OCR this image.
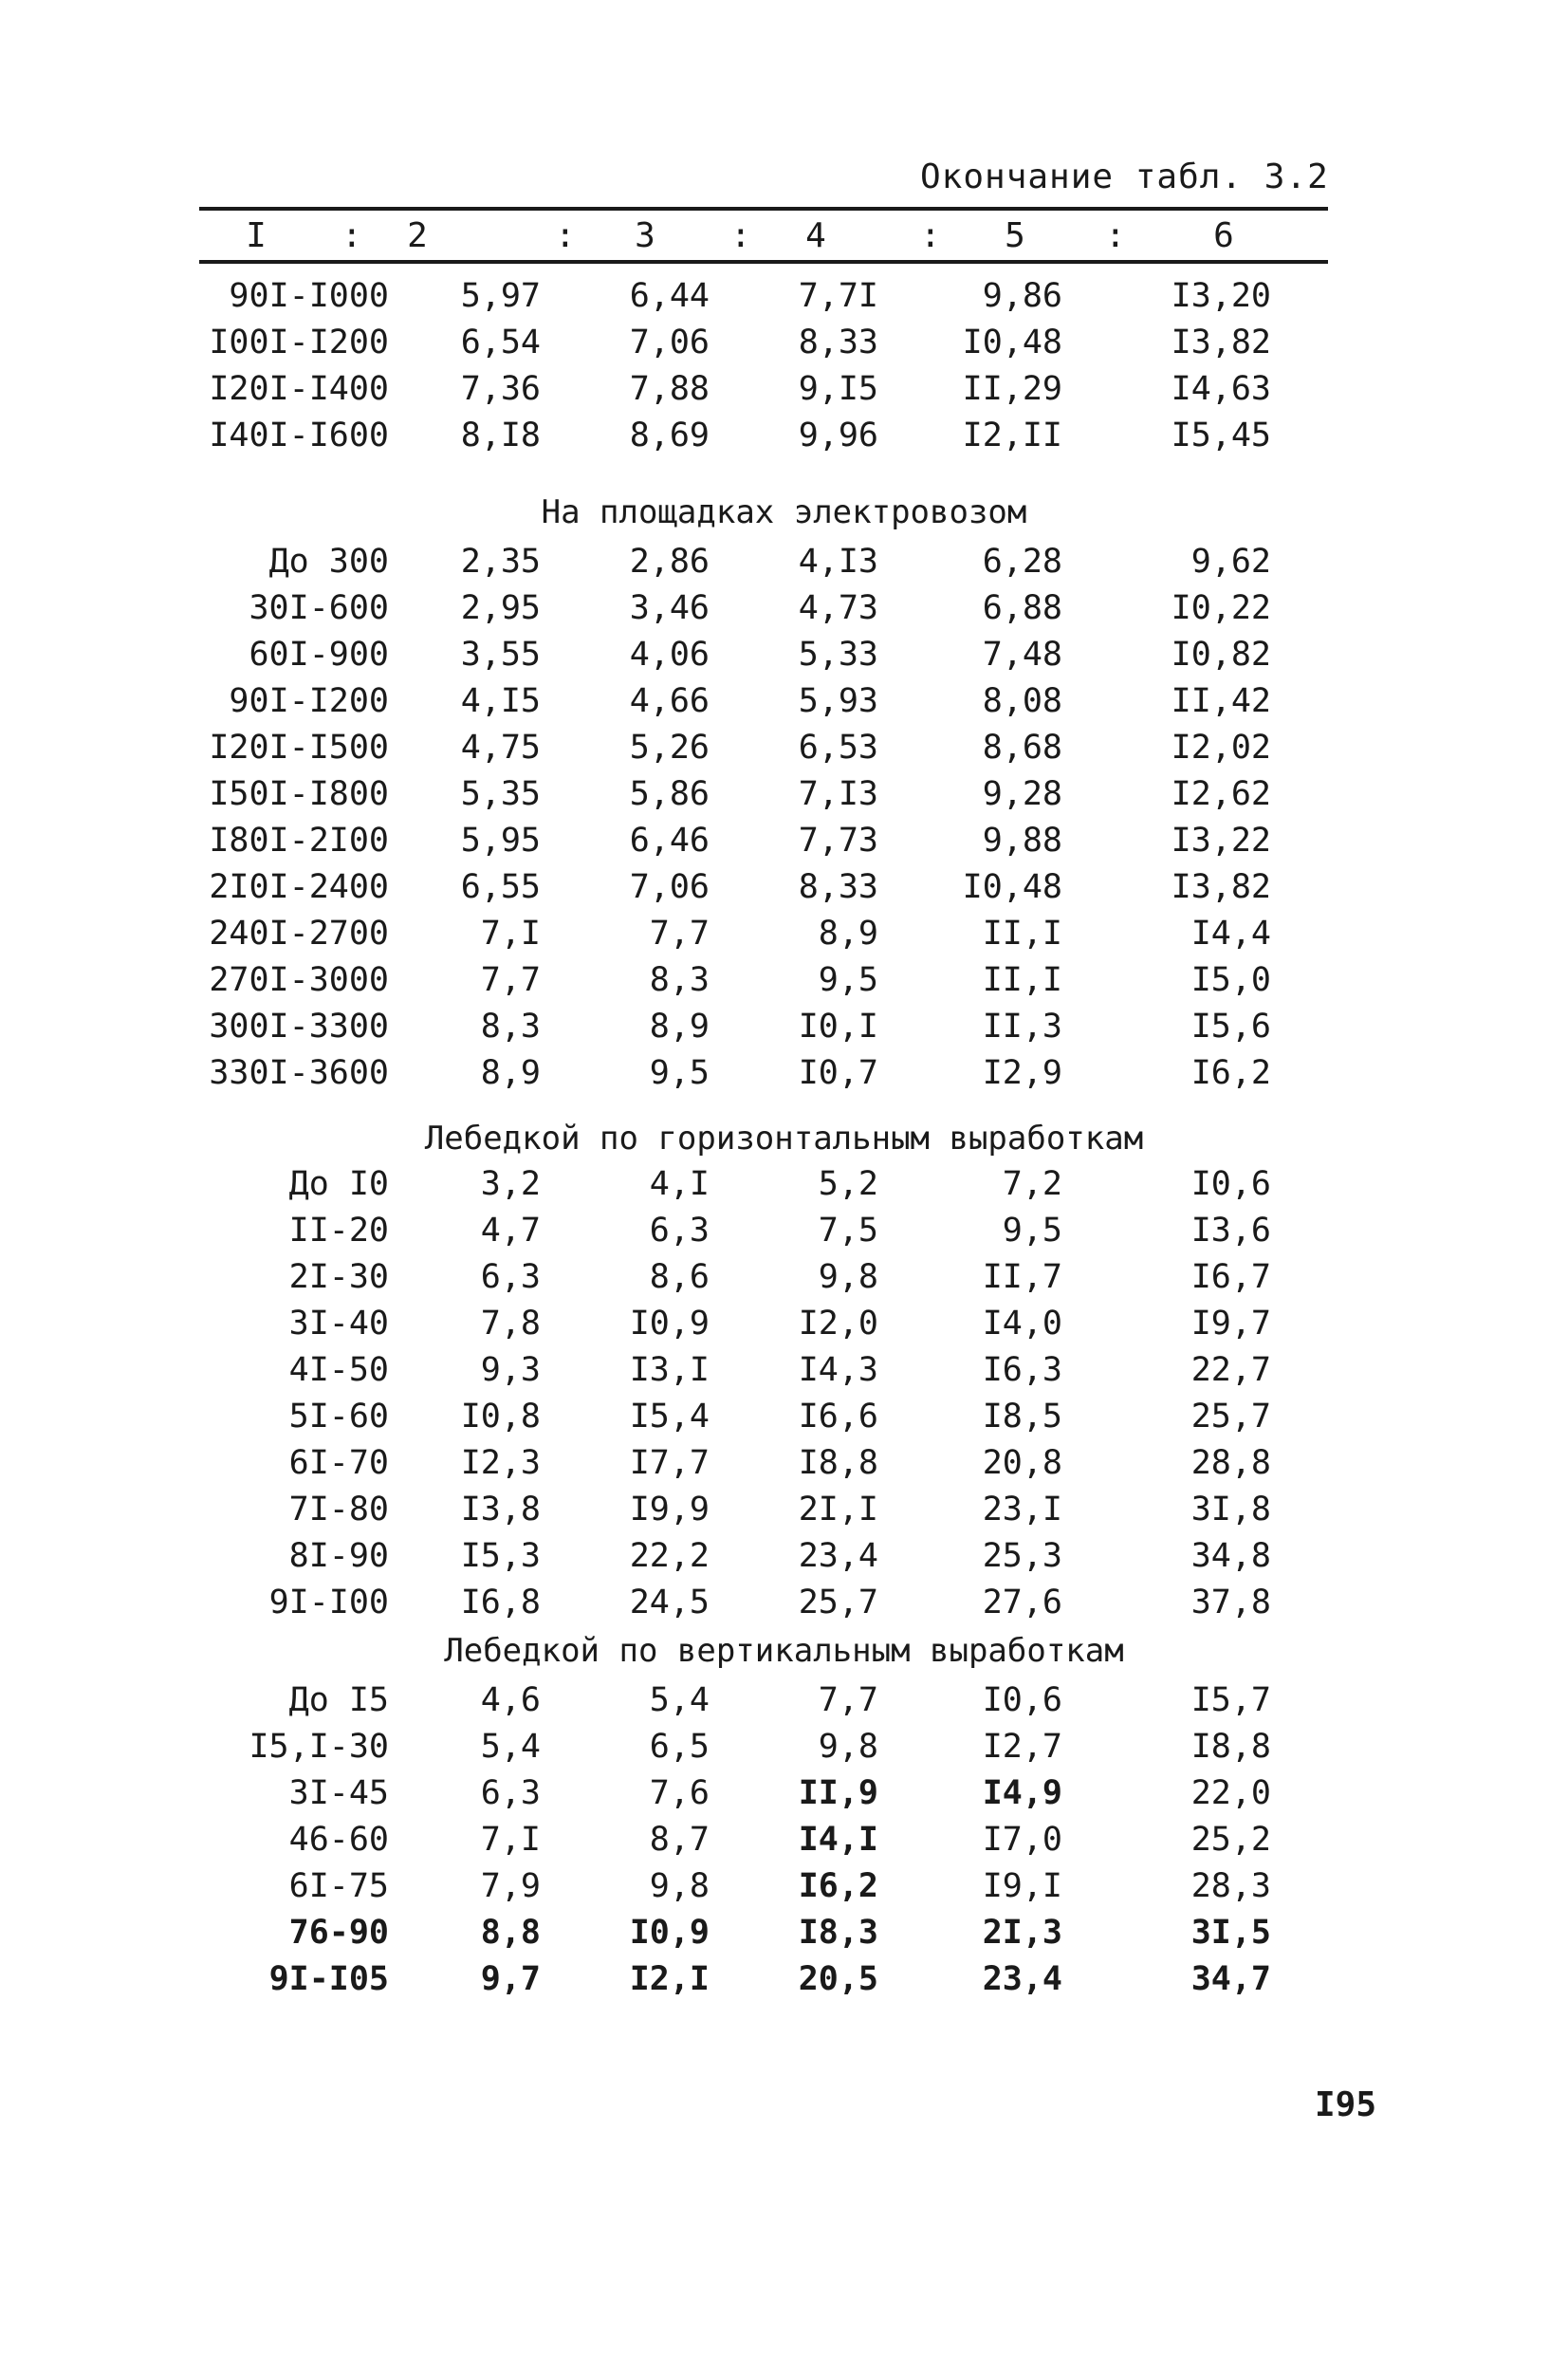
Окончание табл. 3.2
I	:	2	:	3	:	4	:	5	:	6
90I-I000	5,97	6,44	7,7I	9,86	I3,20
I00I-I200	6,54	7,06	8,33	I0,48	I3,82
I20I-I400	7,36	7,88	9,I5	II,29	I4,63
I40I-I600	8,I8	8,69	9,96	I2,II	I5,45
На площадках электровозом
До 300	2,35	2,86	4,I3	6,28	9,62
30I-600	2,95	3,46	4,73	6,88	I0,22
60I-900	3,55	4,06	5,33	7,48	I0,82
90I-I200	4,I5	4,66	5,93	8,08	II,42
I20I-I500	4,75	5,26	6,53	8,68	I2,02
I50I-I800	5,35	5,86	7,I3	9,28	I2,62
I80I-2I00	5,95	6,46	7,73	9,88	I3,22
2I0I-2400	6,55	7,06	8,33	I0,48	I3,82
240I-2700	7,I	7,7	8,9	II,I	I4,4
270I-3000	7,7	8,3	9,5	II,I	I5,0
300I-3300	8,3	8,9	I0,I	II,3	I5,6
330I-3600	8,9	9,5	I0,7	I2,9	I6,2
Лебедкой по горизонтальным выработкам
До I0	3,2	4,I	5,2	7,2	I0,6
II-20	4,7	6,3	7,5	9,5	I3,6
2I-30	6,3	8,6	9,8	II,7	I6,7
3I-40	7,8	I0,9	I2,0	I4,0	I9,7
4I-50	9,3	I3,I	I4,3	I6,3	22,7
5I-60	I0,8	I5,4	I6,6	I8,5	25,7
6I-70	I2,3	I7,7	I8,8	20,8	28,8
7I-80	I3,8	I9,9	2I,I	23,I	3I,8
8I-90	I5,3	22,2	23,4	25,3	34,8
9I-I00	I6,8	24,5	25,7	27,6	37,8
Лебедкой по вертикальным выработкам
До I5	4,6	5,4	7,7	I0,6	I5,7
I5,I-30	5,4	6,5	9,8	I2,7	I8,8
3I-45	6,3	7,6	II,9	I4,9	22,0
46-60	7,I	8,7	I4,I	I7,0	25,2
6I-75	7,9	9,8	I6,2	I9,I	28,3
76-90	8,8	I0,9	I8,3	2I,3	3I,5
9I-I05	9,7	I2,I	20,5	23,4	34,7
I95
